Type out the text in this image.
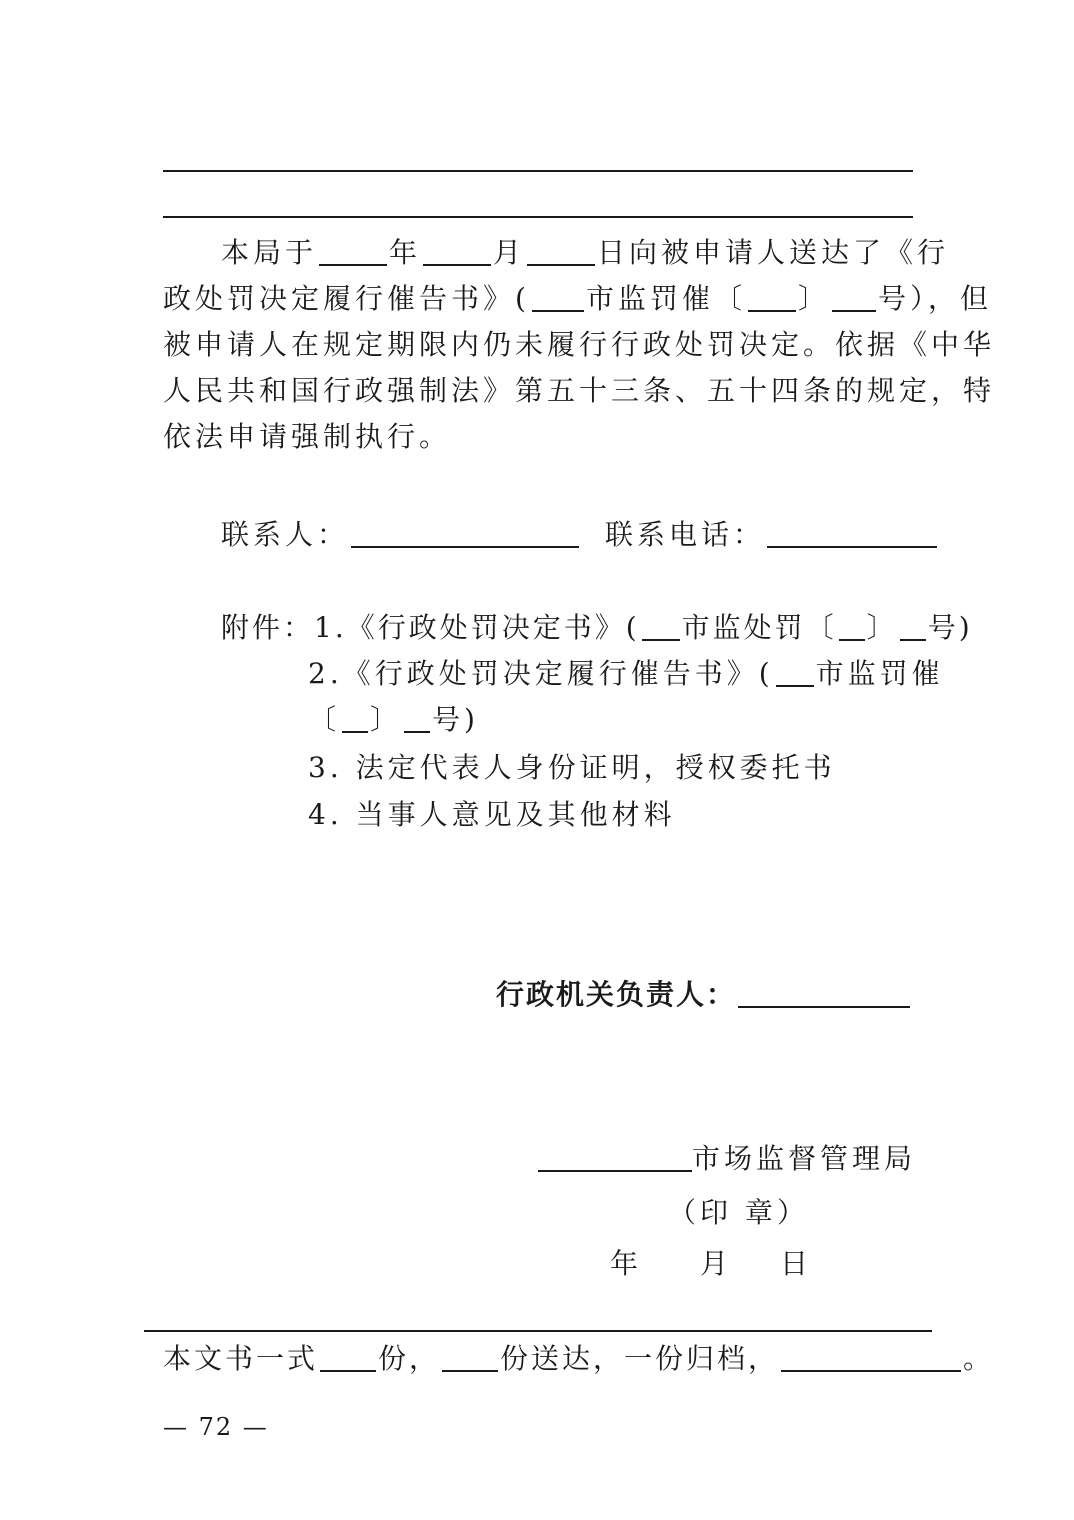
本局于	年	月	日向被申请人送达了《行
政处罚决定履行催告书》( 市监罚催〔 〕 号），但
被申请人在规定期限内仍未履行行政处罚决定。依据《中华
人民共和国行政强制法》第五十三条、五十四条的规定，特
依法申请强制执行。
联系人：	联系电话：
附件：1.《行政处罚决定书》( 市监处罚〔 〕 号)
2.《行政处罚决定履行催告书》( 市监罚催
〔 〕 号)
3. 法定代表人身份证明，授权委托书
4. 当事人意见及其他材料
行政机关负责人：
市场监督管理局
（印 章）
年 月 日
本文书一式 份， 份送达，一份归档，	。
— 72 —
